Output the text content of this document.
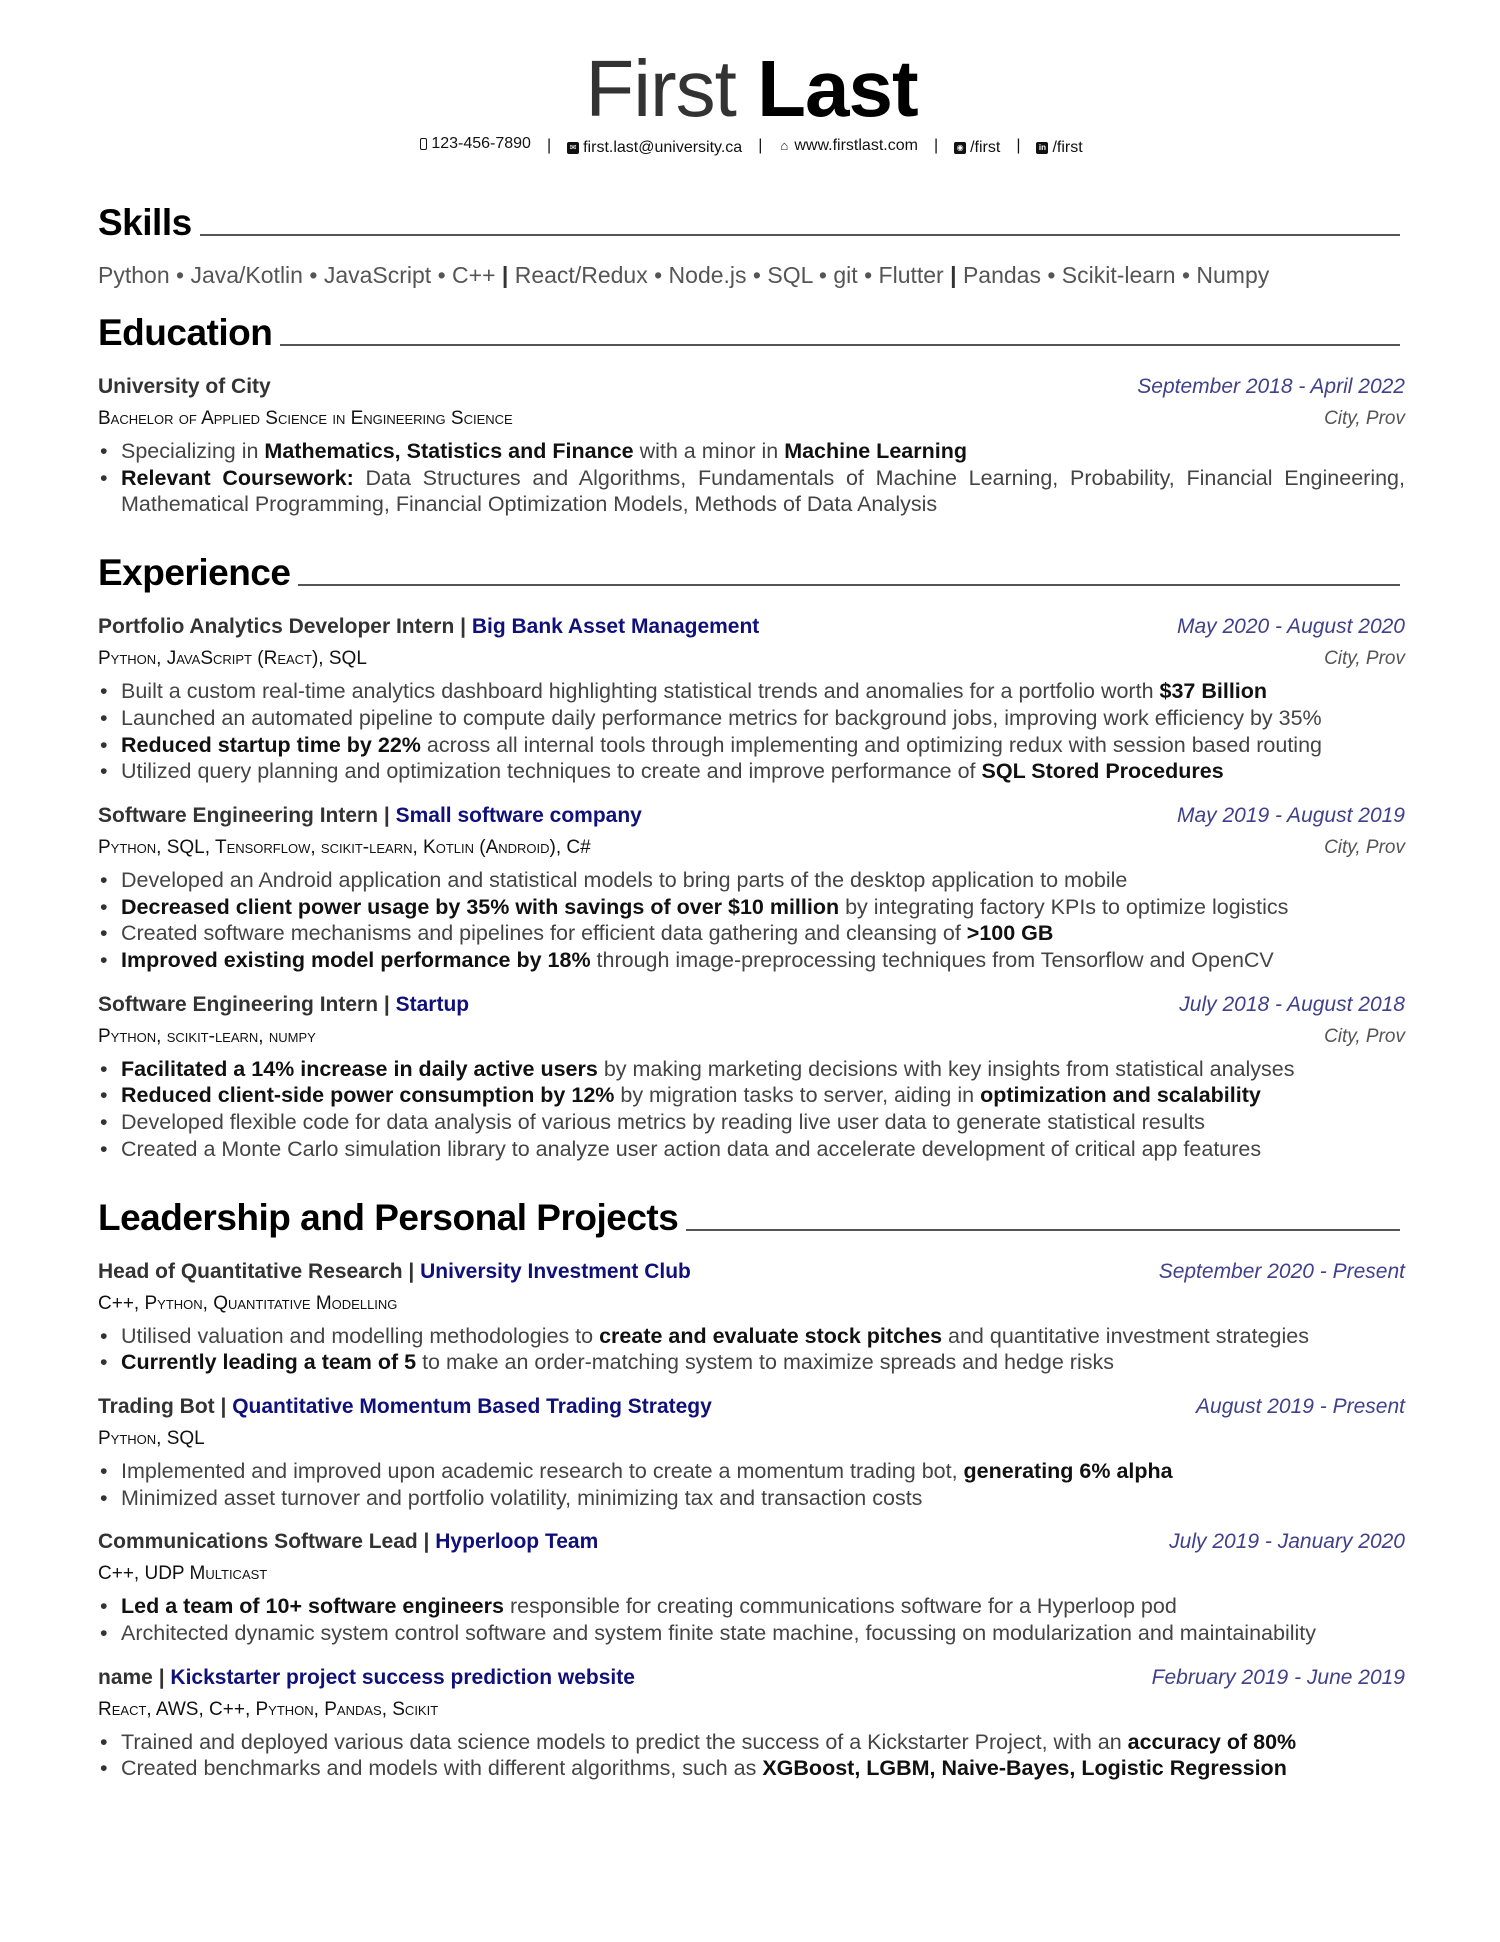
First Last
123-456-7890 |	✉ first.last@university.ca | ⌂ www.firstlast.com |	◉ /first |	in /first
Skills
Python • Java/Kotlin • JavaScript • C++ | React/Redux • Node.js • SQL • git • Flutter | Pandas • Scikit-learn • Numpy
Education
University of City	September 2018 - April 2022
Bachelor of Applied Science in Engineering Science	City, Prov
• Specializing in Mathematics, Statistics and Finance with a minor in Machine Learning
• Relevant Coursework: Data Structures and Algorithms, Fundamentals of Machine Learning, Probability, Financial Engineering, Mathematical Programming, Financial Optimization Models, Methods of Data Analysis
Experience
Portfolio Analytics Developer Intern | Big Bank Asset Management	May 2020 - August 2020
Python, JavaScript (React), SQL	City, Prov
• Built a custom real-time analytics dashboard highlighting statistical trends and anomalies for a portfolio worth $37 Billion
• Launched an automated pipeline to compute daily performance metrics for background jobs, improving work efficiency by 35%
• Reduced startup time by 22% across all internal tools through implementing and optimizing redux with session based routing
• Utilized query planning and optimization techniques to create and improve performance of SQL Stored Procedures
Software Engineering Intern | Small software company	May 2019 - August 2019
Python, SQL, Tensorflow, scikit-learn, Kotlin (Android), C#	City, Prov
• Developed an Android application and statistical models to bring parts of the desktop application to mobile
• Decreased client power usage by 35% with savings of over $10 million by integrating factory KPIs to optimize logistics
• Created software mechanisms and pipelines for efficient data gathering and cleansing of >100 GB
• Improved existing model performance by 18% through image-preprocessing techniques from Tensorflow and OpenCV
Software Engineering Intern | Startup	July 2018 - August 2018
Python, scikit-learn, numpy	City, Prov
• Facilitated a 14% increase in daily active users by making marketing decisions with key insights from statistical analyses
• Reduced client-side power consumption by 12% by migration tasks to server, aiding in optimization and scalability
• Developed flexible code for data analysis of various metrics by reading live user data to generate statistical results
• Created a Monte Carlo simulation library to analyze user action data and accelerate development of critical app features
Leadership and Personal Projects
Head of Quantitative Research | University Investment Club	September 2020 - Present
C++, Python, Quantitative Modelling
• Utilised valuation and modelling methodologies to create and evaluate stock pitches and quantitative investment strategies
• Currently leading a team of 5 to make an order-matching system to maximize spreads and hedge risks
Trading Bot | Quantitative Momentum Based Trading Strategy	August 2019 - Present
Python, SQL
• Implemented and improved upon academic research to create a momentum trading bot, generating 6% alpha
• Minimized asset turnover and portfolio volatility, minimizing tax and transaction costs
Communications Software Lead | Hyperloop Team	July 2019 - January 2020
C++, UDP Multicast
• Led a team of 10+ software engineers responsible for creating communications software for a Hyperloop pod
• Architected dynamic system control software and system finite state machine, focussing on modularization and maintainability
name | Kickstarter project success prediction website	February 2019 - June 2019
React, AWS, C++, Python, Pandas, Scikit
• Trained and deployed various data science models to predict the success of a Kickstarter Project, with an accuracy of 80%
• Created benchmarks and models with different algorithms, such as XGBoost, LGBM, Naive-Bayes, Logistic Regression
